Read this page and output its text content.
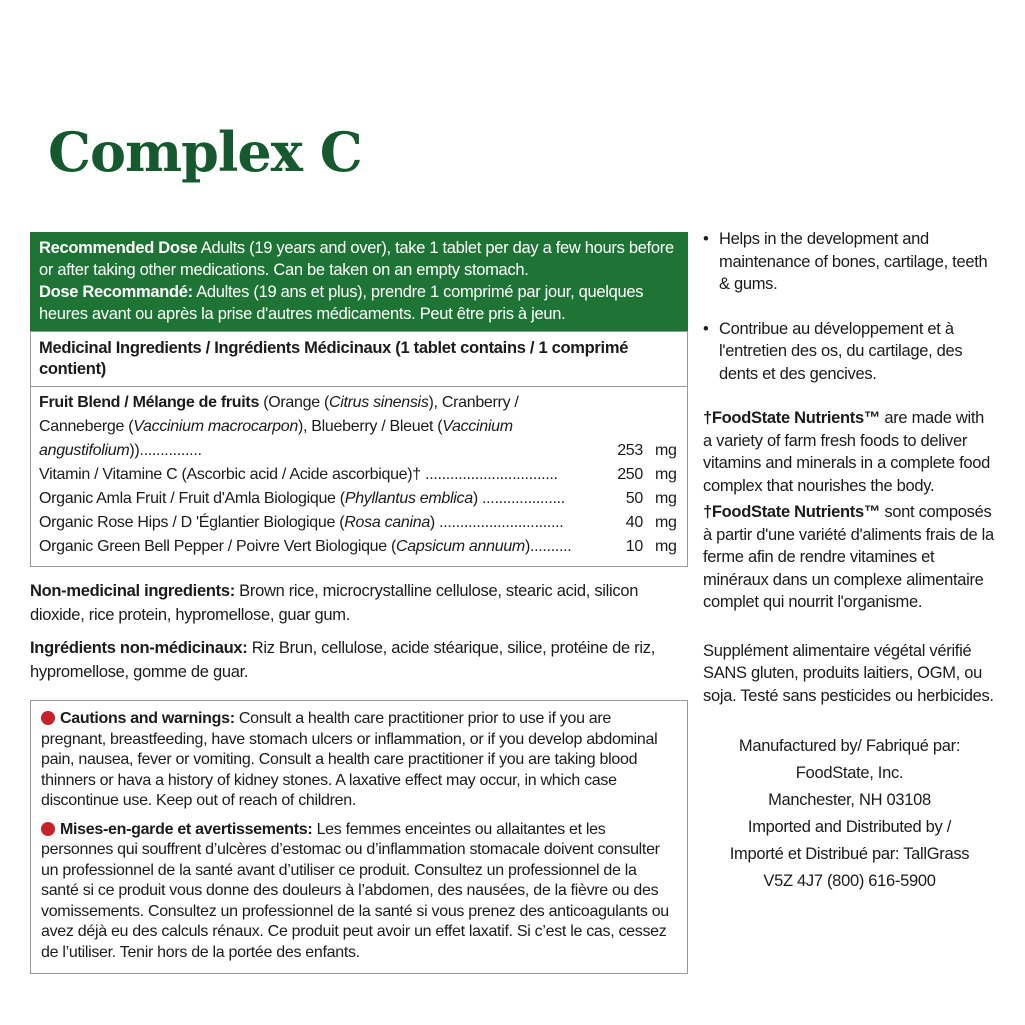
Complex C

Recommended Dose Adults (19 years and over), take 1 tablet per day a few hours before or after taking other medications. Can be taken on an empty stomach.

Dose Recommandé: Adultes (19 ans et plus), prendre 1 comprimé par jour, quelques heures avant ou après la prise d'autres médicaments. Peut être pris à jeun.

Medicinal Ingredients / Ingrédients Médicinaux (1 tablet contains / 1 comprimé contient)
Fruit Blend / Mélange de fruits (Orange (Citrus sinensis), Cranberry / Canneberge (Vaccinium macrocarpon), Blueberry / Bleuet (Vaccinium angustifolium))...............	253 mg
Vitamin / Vitamine C (Ascorbic acid / Acide ascorbique)† ................................	250 mg
Organic Amla Fruit / Fruit d'Amla Biologique (Phyllantus emblica) ....................	50 mg
Organic Rose Hips / D 'Églantier Biologique (Rosa canina) ..............................	40 mg
Organic Green Bell Pepper / Poivre Vert Biologique (Capsicum annuum)..........	10 mg

Non-medicinal ingredients: Brown rice, microcrystalline cellulose, stearic acid, silicon dioxide, rice protein, hypromellose, guar gum.

Ingrédients non-médicinaux: Riz Brun, cellulose, acide stéarique, silice, protéine de riz, hypromellose, gomme de guar.

Cautions and warnings: Consult a health care practitioner prior to use if you are pregnant, breastfeeding, have stomach ulcers or inflammation, or if you develop abdominal pain, nausea, fever or vomiting. Consult a health care practitioner if you are taking blood thinners or hava a history of kidney stones. A laxative effect may occur, in which case discontinue use. Keep out of reach of children.

Mises-en-garde et avertissements: Les femmes enceintes ou allaitantes et les personnes qui souffrent d’ulcères d’estomac ou d’inflammation stomacale doivent consulter un professionnel de la santé avant d’utiliser ce produit. Consultez un professionnel de la santé si ce produit vous donne des douleurs à l’abdomen, des nausées, de la fièvre ou des vomissements. Consultez un professionnel de la santé si vous prenez des anticoagulants ou avez déjà eu des calculs rénaux. Ce produit peut avoir un effet laxatif. Si c’est le cas, cessez de l’utiliser. Tenir hors de la portée des enfants.

• Helps in the development and maintenance of bones, cartilage, teeth & gums.
• Contribue au développement et à l'entretien des os, du cartilage, des dents et des gencives.

†FoodState Nutrients™ are made with a variety of farm fresh foods to deliver vitamins and minerals in a complete food complex that nourishes the body.

†FoodState Nutrients™ sont composés à partir d'une variété d'aliments frais de la ferme afin de rendre vitamines et minéraux dans un complexe alimentaire complet qui nourrit l'organisme.

Supplément alimentaire végétal vérifié SANS gluten, produits laitiers, OGM, ou soja. Testé sans pesticides ou herbicides.

Manufactured by/ Fabriqué par:
FoodState, Inc.
Manchester, NH 03108
Imported and Distributed by /
Importé et Distribué par: TallGrass
V5Z 4J7 (800) 616-5900
